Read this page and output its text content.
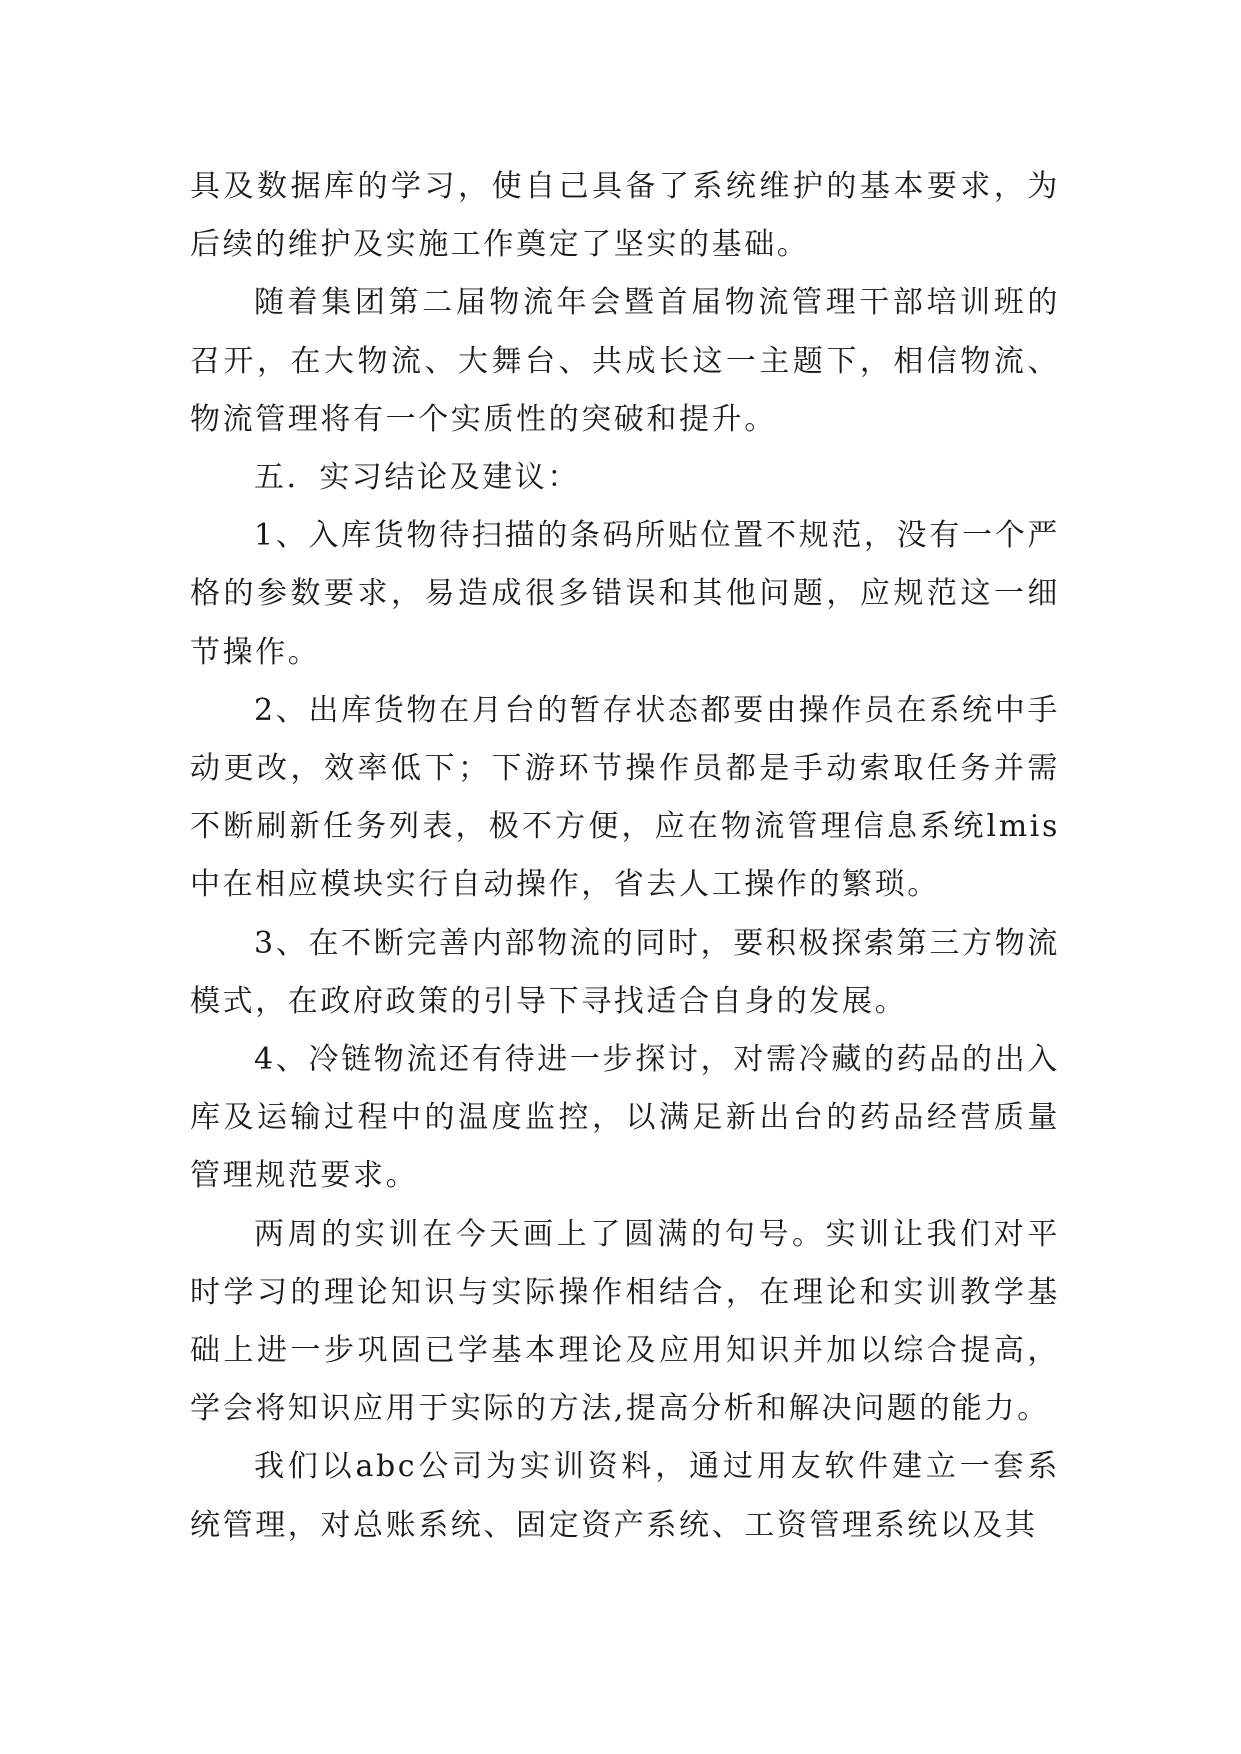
具及数据库的学习，使自己具备了系统维护的基本要求，为后续的维护及实施工作奠定了坚实的基础。

随着集团第二届物流年会暨首届物流管理干部培训班的召开，在大物流、大舞台、共成长这一主题下，相信物流、物流管理将有一个实质性的突破和提升。

五．实习结论及建议：

1、入库货物待扫描的条码所贴位置不规范，没有一个严格的参数要求，易造成很多错误和其他问题，应规范这一细节操作。

2、出库货物在月台的暂存状态都要由操作员在系统中手动更改，效率低下；下游环节操作员都是手动索取任务并需不断刷新任务列表，极不方便，应在物流管理信息系统lmis中在相应模块实行自动操作，省去人工操作的繁琐。

3、在不断完善内部物流的同时，要积极探索第三方物流模式，在政府政策的引导下寻找适合自身的发展。

4、冷链物流还有待进一步探讨，对需冷藏的药品的出入库及运输过程中的温度监控，以满足新出台的药品经营质量管理规范要求。

两周的实训在今天画上了圆满的句号。实训让我们对平时学习的理论知识与实际操作相结合，在理论和实训教学基础上进一步巩固已学基本理论及应用知识并加以综合提高，学会将知识应用于实际的方法,提高分析和解决问题的能力。

我们以abc公司为实训资料，通过用友软件建立一套系统管理，对总账系统、固定资产系统、工资管理系统以及其
